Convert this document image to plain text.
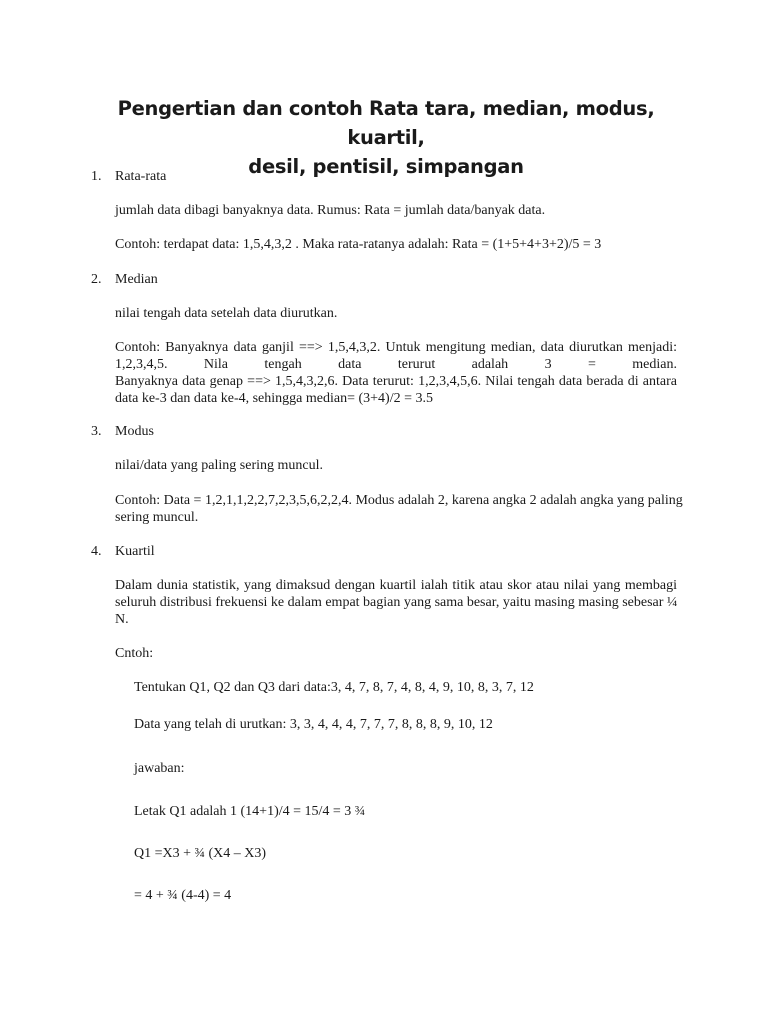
Pengertian dan contoh Rata tara, median, modus, kuartil,
desil, pentisil, simpangan
1. Rata-rata

jumlah data dibagi banyaknya data. Rumus: Rata = jumlah data/banyak data.

Contoh: terdapat data: 1,5,4,3,2 . Maka rata-ratanya adalah: Rata = (1+5+4+3+2)/5 = 3

2. Median

nilai tengah data setelah data diurutkan.

Contoh: Banyaknya data ganjil ==> 1,5,4,3,2. Untuk mengitung median, data diurutkan menjadi:
1,2,3,4,5.	Nila	tengah	data	terurut	adalah	3	=	median.
Banyaknya data genap ==> 1,5,4,3,2,6. Data terurut: 1,2,3,4,5,6. Nilai tengah data berada di antara
data ke-3 dan data ke-4, sehingga median= (3+4)/2 = 3.5
3. Modus

nilai/data yang paling sering muncul.

Contoh: Data = 1,2,1,1,2,2,7,2,3,5,6,2,2,4. Modus adalah 2, karena angka 2 adalah angka yang paling
sering muncul.
4. Kuartil

Dalam dunia statistik, yang dimaksud dengan kuartil ialah titik atau skor atau nilai yang membagi
seluruh distribusi frekuensi ke dalam empat bagian yang sama besar, yaitu masing masing sebesar ¼
N.

Cntoh:

Tentukan Q1, Q2 dan Q3 dari data:3, 4, 7, 8, 7, 4, 8, 4, 9, 10, 8, 3, 7, 12

Data yang telah di urutkan: 3, 3, 4, 4, 4, 7, 7, 7, 8, 8, 8, 9, 10, 12

jawaban:

Letak Q1 adalah 1 (14+1)/4 = 15/4 = 3 ¾

Q1 =X3 + ¾ (X4 – X3)

= 4 + ¾ (4-4) = 4
